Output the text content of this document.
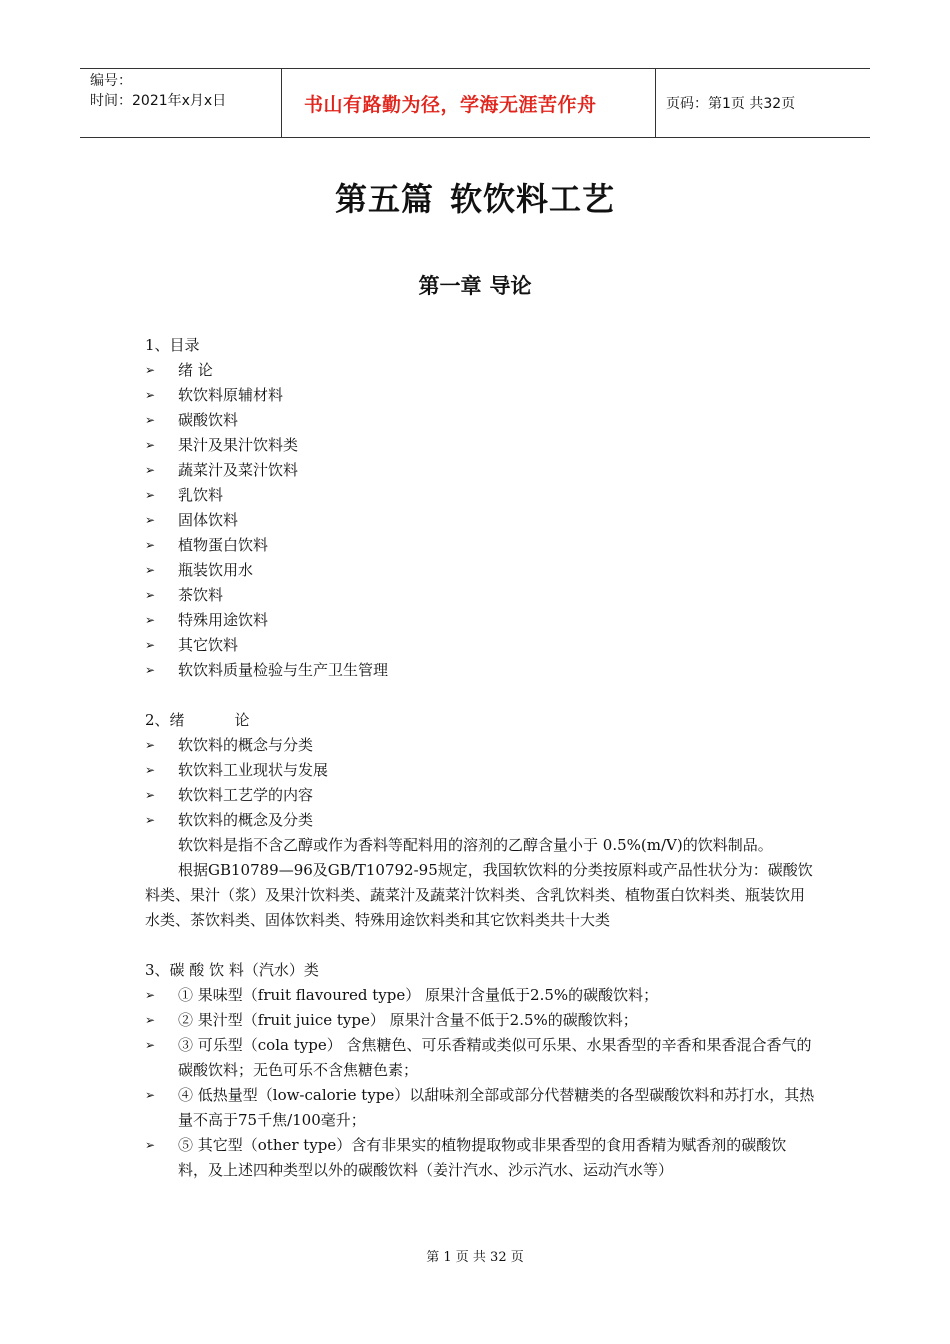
编号：
时间：2021年x月x日	书山有路勤为径，学海无涯苦作舟	页码：第1页 共32页
第五篇 软饮料工艺
第一章 导论
1、目录
➢	绪 论
➢	软饮料原辅材料
➢	碳酸饮料
➢	果汁及果汁饮料类
➢	蔬菜汁及菜汁饮料
➢	乳饮料
➢	固体饮料
➢	植物蛋白饮料
➢	瓶装饮用水
➢	茶饮料
➢	特殊用途饮料
➢	其它饮料
➢	软饮料质量检验与生产卫生管理
2、绪	论
➢	软饮料的概念与分类
➢	软饮料工业现状与发展
➢	软饮料工艺学的内容
➢	软饮料的概念及分类
软饮料是指不含乙醇或作为香料等配料用的溶剂的乙醇含量小于 0.5%(m/V)的饮料制品。
根据GB10789—96及GB/T10792-95规定，我国软饮料的分类按原料或产品性状分为：碳酸饮料类、果汁（浆）及果汁饮料类、蔬菜汁及蔬菜汁饮料类、含乳饮料类、植物蛋白饮料类、瓶装饮用水类、茶饮料类、固体饮料类、特殊用途饮料类和其它饮料类共十大类
3、碳 酸 饮 料（汽水）类
➢	① 果味型（fruit flavoured type） 原果汁含量低于2.5%的碳酸饮料；
➢	② 果汁型（fruit juice type） 原果汁含量不低于2.5%的碳酸饮料；
➢	③ 可乐型（cola type） 含焦糖色、可乐香精或类似可乐果、水果香型的辛香和果香混合香气的碳酸饮料；无色可乐不含焦糖色素；
➢	④ 低热量型（low-calorie type）以甜味剂全部或部分代替糖类的各型碳酸饮料和苏打水，其热量不高于75千焦/100毫升；
➢	⑤ 其它型（other type）含有非果实的植物提取物或非果香型的食用香精为赋香剂的碳酸饮料，及上述四种类型以外的碳酸饮料（姜汁汽水、沙示汽水、运动汽水等）
第 1 页 共 32 页
